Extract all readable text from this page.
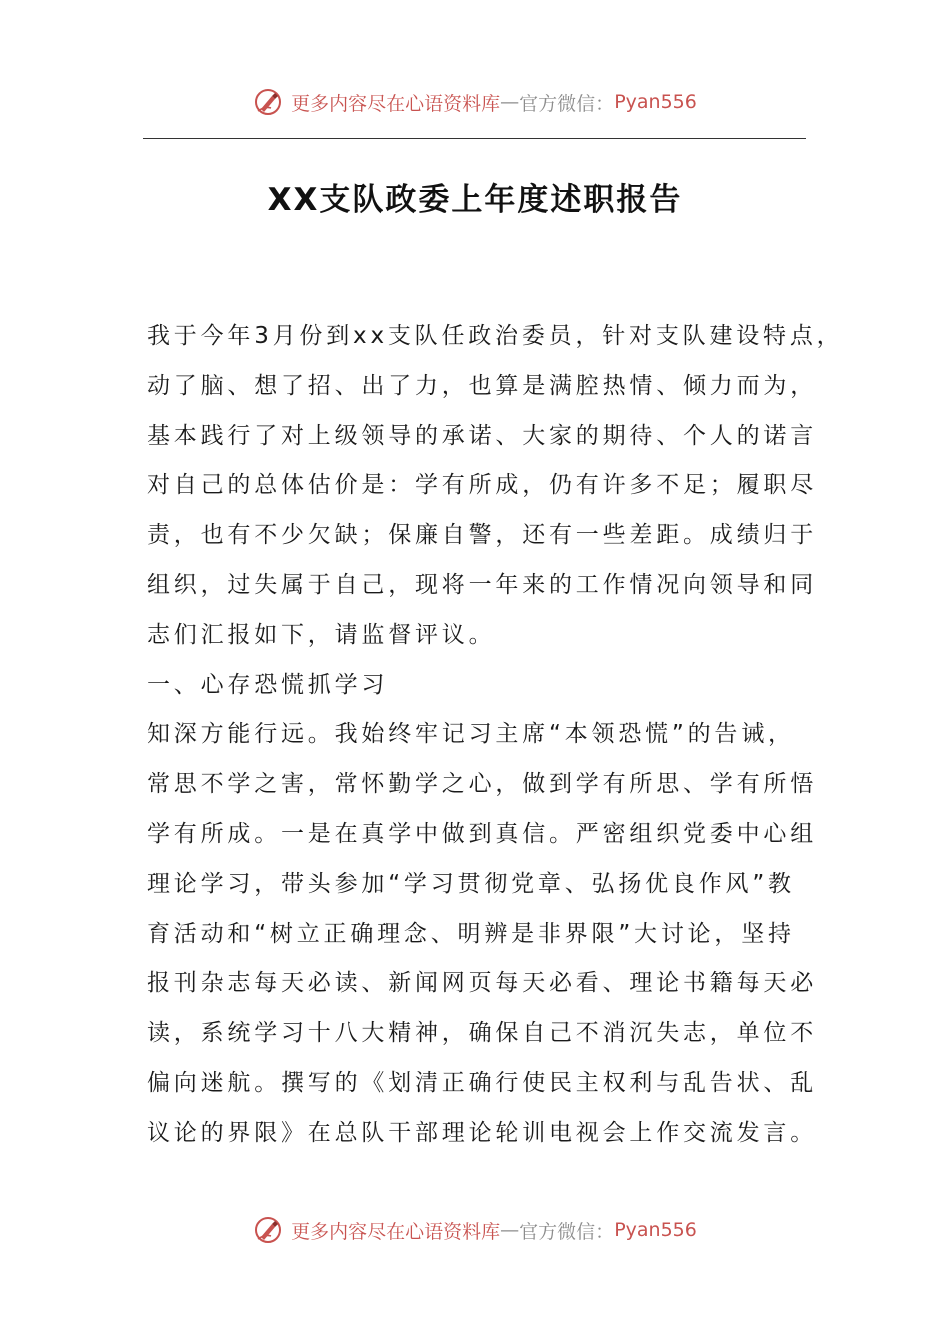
更多内容尽在心语资料库 — 官方微信： Pyan556
XX支队政委上年度述职报告
我于今年3月份到xx支队任政治委员，针对支队建设特点，
动了脑、想了招、出了力，也算是满腔热情、倾力而为，
基本践行了对上级领导的承诺、大家的期待、个人的诺言
对自己的总体估价是：学有所成，仍有许多不足；履职尽
责，也有不少欠缺；保廉自警，还有一些差距。成绩归于
组织，过失属于自己，现将一年来的工作情况向领导和同
志们汇报如下，请监督评议。
一、心存恐慌抓学习
知深方能行远。我始终牢记习主席“本领恐慌”的告诫，
常思不学之害，常怀勤学之心，做到学有所思、学有所悟
学有所成。一是在真学中做到真信。严密组织党委中心组
理论学习，带头参加“学习贯彻党章、弘扬优良作风”教
育活动和“树立正确理念、明辨是非界限”大讨论，坚持
报刊杂志每天必读、新闻网页每天必看、理论书籍每天必
读，系统学习十八大精神，确保自己不消沉失志，单位不
偏向迷航。撰写的《划清正确行使民主权利与乱告状、乱
议论的界限》在总队干部理论轮训电视会上作交流发言。
更多内容尽在心语资料库 — 官方微信： Pyan556
